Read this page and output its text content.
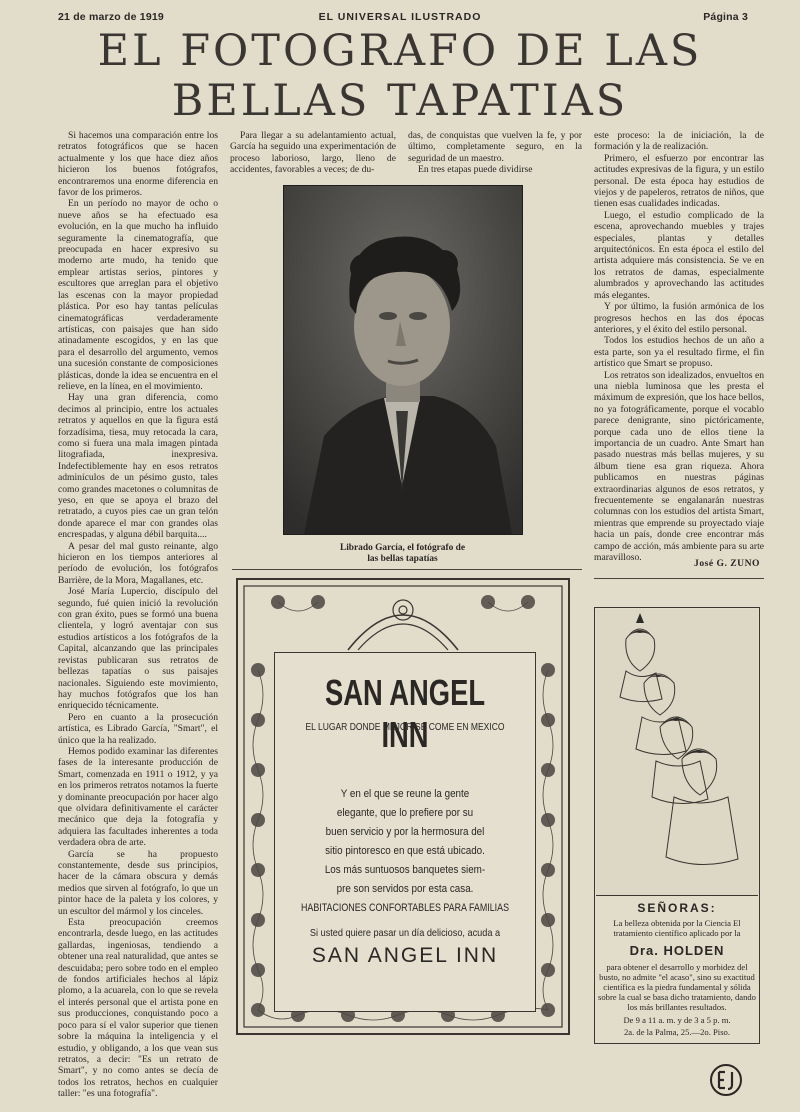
21 de marzo de 1919	EL UNIVERSAL ILUSTRADO	Página 3
EL FOTOGRAFO DE LAS
BELLAS TAPATIAS

Si hacemos una comparación entre los retratos fotográficos que se hacen actualmente y los que hace diez años hicieron los buenos fotógrafos, encontraremos una enorme diferencia en favor de los primeros.

En un período no mayor de ocho o nueve años se ha efectuado esa evolución, en la que mucho ha influido seguramente la cinematografía, que preocupada en hacer expresivo su moderno arte mudo, ha tenido que emplear artistas serios, pintores y escultores que arreglan para el objetivo las escenas con la mayor propiedad plástica. Por eso hay tantas películas cinematográficas verdaderamente artísticas, con paisajes que han sido atinadamente escogidos, y en las que para el desarrollo del argumento, vemos una sucesión constante de composiciones plásticas, donde la idea se encuentra en el relieve, en la línea, en el movimiento.

Hay una gran diferencia, como decimos al principio, entre los actuales retratos y aquellos en que la figura está forzadísima, tiesa, muy retocada la cara, como si fuera una mala imagen pintada litografiada, inexpresiva. Indefectiblemente hay en esos retratos adminículos de un pésimo gusto, tales como grandes macetones o columnitas de yeso, en que se apoya el brazo del retratado, a cuyos pies cae un gran telón donde aparece el mar con grandes olas encrespadas, y alguna débil barquita....

A pesar del mal gusto reinante, algo hicieron en los tiempos anteriores al período de evolución, los fotógrafos Barrière, de la Mora, Magallanes, etc.

José María Lupercio, discípulo del segundo, fué quien inició la revolución con gran éxito, pues se formó una buena clientela, y logró aventajar con sus estudios artísticos a los fotógrafos de la Capital, alcanzando que las principales revistas publicaran sus retratos de bellezas tapatías o sus paisajes nacionales. Siguiendo este movimiento, hay muchos fotógrafos que los han enriquecido técnicamente.

Pero en cuanto a la prosecución artística, es Librado García, "Smart", el único que la ha realizado.

Hemos podido examinar las diferentes fases de la interesante producción de Smart, comenzada en 1911 o 1912, y ya en los primeros retratos notamos la fuerte y dominante preocupación por hacer algo que olvidara definitivamente el carácter mecánico que deja la fotografía y adquiera las facultades inherentes a toda verdadera obra de arte.

García se ha propuesto constantemente, desde sus principios, hacer de la cámara obscura y demás medios que sirven al fotógrafo, lo que un pintor hace de la paleta y los colores, y un escultor del mármol y los cinceles.

Esta preocupación creemos encontrarla, desde luego, en las actitudes gallardas, ingeniosas, tendiendo a obtener una real naturalidad, que antes se descuidaba; pero sobre todo en el empleo de fondos artificiales hechos al lápiz plomo, a la acuarela, con lo que se revela el interés personal que el artista pone en sus producciones, conquistando poco a poco para sí el valor superior que tienen sobre la máquina la inteligencia y el estudio, y obligando, a los que vean sus retratos, a decir: "Es un retrato de Smart", y no como antes se decía de todos los retratos, hechos en cualquier taller: "es una fotografía".

Para llegar a su adelantamiento actual, García ha seguido una experimentación de proceso laborioso, largo, lleno de accidentes, favorables a veces; de du-

das, de conquistas que vuelven la fe, y por último, completamente seguro, en la seguridad de un maestro.

En tres etapas puede dividirse

este proceso: la de iniciación, la de formación y la de realización.

Primero, el esfuerzo por encontrar las actitudes expresivas de la figura, y un estilo personal. De esta época hay estudios de viejos y de papeleros, retratos de niños, que tienen esas cualidades indicadas.

Luego, el estudio complicado de la escena, aprovechando muebles y trajes especiales, plantas y detalles arquitectónicos. En esta época el estilo del artista adquiere más consistencia. Se ve en los retratos de damas, especialmente alumbrados y aprovechando las actitudes más elegantes.

Y por último, la fusión armónica de los progresos hechos en las dos épocas anteriores, y el éxito del estilo personal.

Todos los estudios hechos de un año a esta parte, son ya el resultado firme, el fin artístico que Smart se propuso.

Los retratos son idealizados, envueltos en una niebla luminosa que les presta el máximum de expresión, que los hace bellos, no ya fotográficamente, porque el vocablo parece denigrante, sino pictóricamente, porque cada uno de ellos tiene la importancia de un cuadro. Ante Smart han pasado nuestras más bellas mujeres, y su álbum tiene esa gran riqueza. Ahora publicamos en nuestras páginas extraordinarias algunos de esos retratos, y frecuentemente se engalanarán nuestras columnas con los estudios del artista Smart, mientras que emprende su proyectado viaje hacia un país, donde cree encontrar más campo de acción, más ambiente para su arte maravilloso.

José G. ZUNO
Librado García, el fotógrafo de
las bellas tapatías
SAN ANGEL INN
EL LUGAR DONDE MEJOR SE COME EN MEXICO
Y en el que se reune la gente
elegante, que lo prefiere por su
buen servicio y por la hermosura del
sitio pintoresco en que está ubicado.
Los más suntuosos banquetes siem-
pre son servidos por esta casa.
HABITACIONES CONFORTABLES PARA FAMILIAS
Si usted quiere pasar un día delicioso, acuda a
SAN ANGEL INN
SEÑORAS:
La belleza obtenida por la Ciencia El tratamiento científico aplicado por la
Dra. HOLDEN
para obtener el desarrollo y morbidez del busto, no admite "el acaso", sino su exactitud científica es la piedra fundamental y sólida sobre la cual se basa dicho tratamiento, dando los más brillantes resultados.
De 9 a 11 a. m. y de 3 a 5 p. m.
2a. de la Palma, 25.—2o. Piso.
